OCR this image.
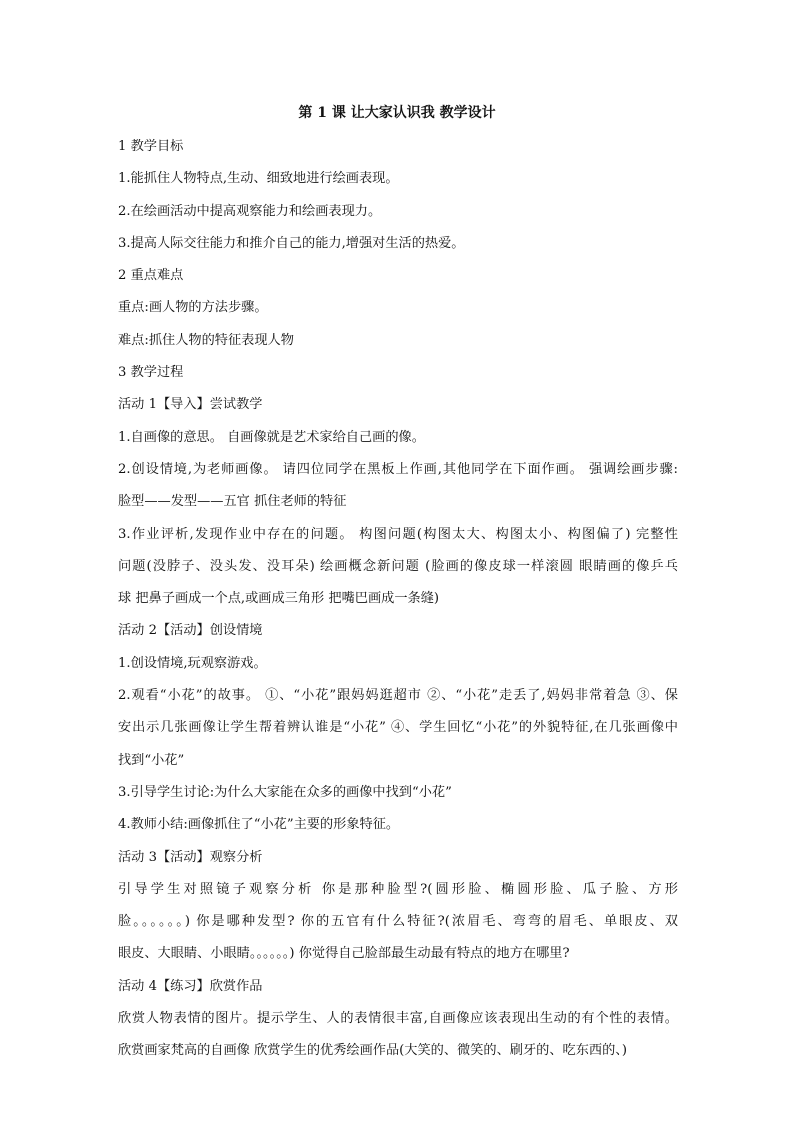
第 1 课 让大家认识我 教学设计
1 教学目标
1.能抓住人物特点,生动、细致地进行绘画表现。
2.在绘画活动中提高观察能力和绘画表现力。
3.提高人际交往能力和推介自己的能力,增强对生活的热爱。
2 重点难点
重点:画人物的方法步骤。
难点:抓住人物的特征表现人物
3 教学过程
活动 1【导入】尝试教学
1.自画像的意思。 自画像就是艺术家给自己画的像。
2.创设情境,为老师画像。 请四位同学在黑板上作画,其他同学在下面作画。 强调绘画步骤:
脸型——发型——五官 抓住老师的特征
3.作业评析,发现作业中存在的问题。 构图问题(构图太大、构图太小、构图偏了) 完整性
问题(没脖子、没头发、没耳朵) 绘画概念新问题 (脸画的像皮球一样滚圆 眼睛画的像乒乓
球 把鼻子画成一个点,或画成三角形 把嘴巴画成一条缝)
活动 2【活动】创设情境
1.创设情境,玩观察游戏。
2.观看“小花”的故事。 ①、“小花”跟妈妈逛超市 ②、“小花”走丢了,妈妈非常着急 ③、保
安出示几张画像让学生帮着辨认谁是“小花” ④、学生回忆“小花”的外貌特征,在几张画像中
找到“小花”
3.引导学生讨论:为什么大家能在众多的画像中找到“小花”
4.教师小结:画像抓住了“小花”主要的形象特征。
活动 3【活动】观察分析
引导学生对照镜子观察分析 你是那种脸型?(圆形脸、椭圆形脸、瓜子脸、方形
脸。。。。。。) 你是哪种发型? 你的五官有什么特征?(浓眉毛、弯弯的眉毛、单眼皮、双
眼皮、大眼睛、小眼睛。。。。。。) 你觉得自己脸部最生动最有特点的地方在哪里?
活动 4【练习】欣赏作品
欣赏人物表情的图片。提示学生、人的表情很丰富,自画像应该表现出生动的有个性的表情。
欣赏画家梵高的自画像 欣赏学生的优秀绘画作品(大笑的、微笑的、刷牙的、吃东西的、)
